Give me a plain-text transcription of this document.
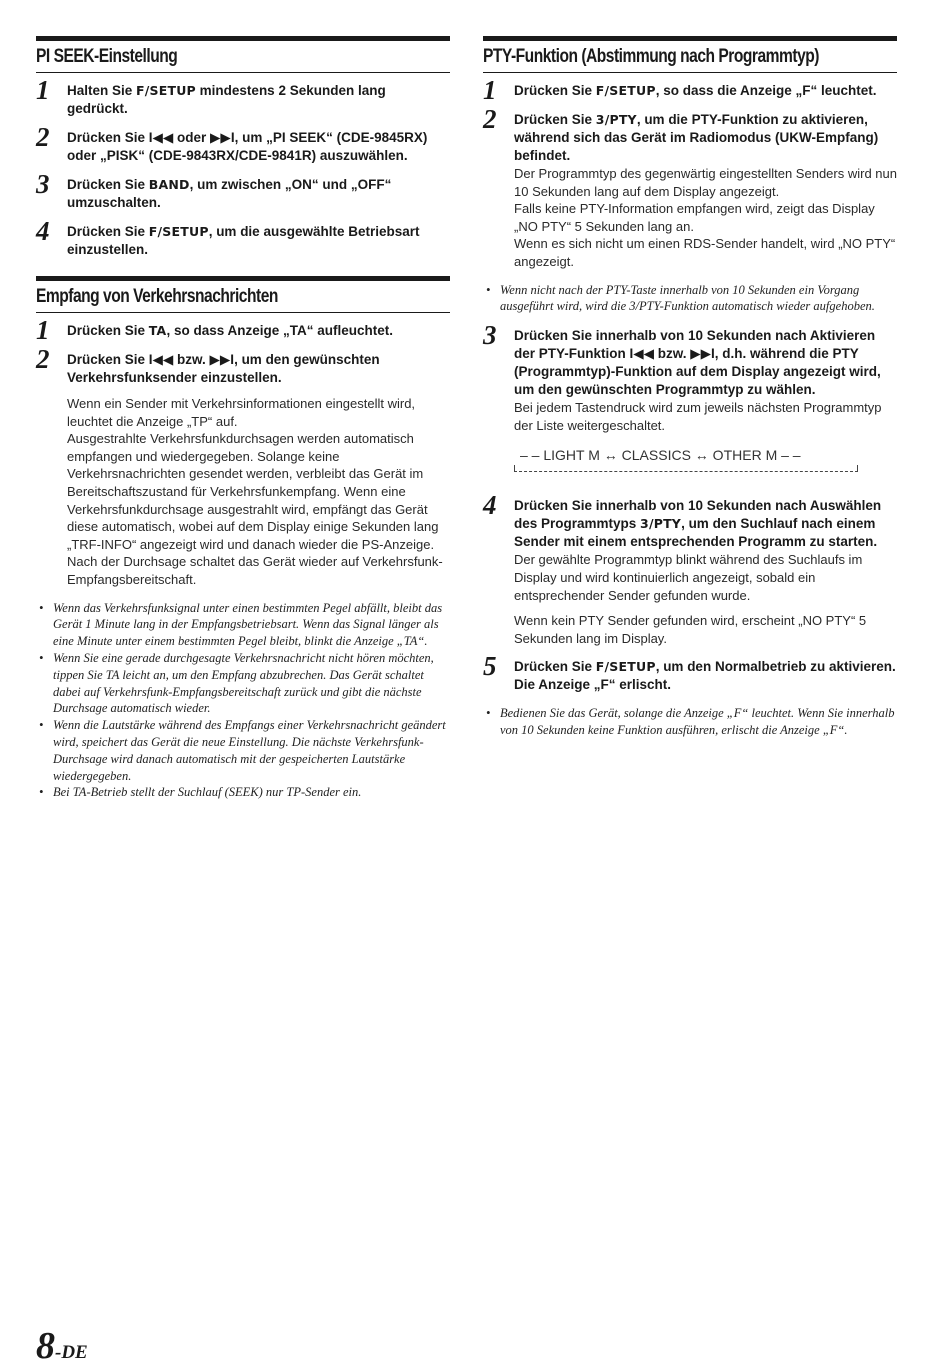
PI SEEK-Einstellung
1	Halten Sie F/SETUP mindestens 2 Sekunden lang gedrückt.
2	Drücken Sie I◀◀ oder ▶▶I, um „PI SEEK“ (CDE-9845RX) oder „PISK“ (CDE-9843RX/CDE-9841R) auszuwählen.
3	Drücken Sie BAND, um zwischen „ON“ und „OFF“ umzuschalten.
4	Drücken Sie F/SETUP, um die ausgewählte Betriebsart einzustellen.
Empfang von Verkehrsnachrichten
1	Drücken Sie TA, so dass Anzeige „TA“ aufleuchtet.
2	Drücken Sie I◀◀ bzw. ▶▶I, um den gewünschten Verkehrsfunksender einzustellen.
Wenn ein Sender mit Verkehrsinformationen eingestellt wird, leuchtet die Anzeige „TP“ auf.
Ausgestrahlte Verkehrsfunkdurchsagen werden automatisch empfangen und wiedergegeben. Solange keine Verkehrsnachrichten gesendet werden, verbleibt das Gerät im Bereitschaftszustand für Verkehrsfunkempfang. Wenn eine Verkehrsfunkdurchsage ausgestrahlt wird, empfängt das Gerät diese automatisch, wobei auf dem Display einige Sekunden lang „TRF-INFO“ angezeigt wird und danach wieder die PS-Anzeige.
Nach der Durchsage schaltet das Gerät wieder auf Verkehrsfunk-Empfangsbereitschaft.
• Wenn das Verkehrsfunksignal unter einen bestimmten Pegel abfällt, bleibt das Gerät 1 Minute lang in der Empfangsbetriebsart. Wenn das Signal länger als eine Minute unter einem bestimmten Pegel bleibt, blinkt die Anzeige „TA“.
• Wenn Sie eine gerade durchgesagte Verkehrsnachricht nicht hören möchten, tippen Sie TA leicht an, um den Empfang abzubrechen. Das Gerät schaltet dabei auf Verkehrsfunk-Empfangsbereitschaft zurück und gibt die nächste Durchsage automatisch wieder.
• Wenn die Lautstärke während des Empfangs einer Verkehrsnachricht geändert wird, speichert das Gerät die neue Einstellung. Die nächste Verkehrsfunk-Durchsage wird danach automatisch mit der gespeicherten Lautstärke wiedergegeben.
• Bei TA-Betrieb stellt der Suchlauf (SEEK) nur TP-Sender ein.
PTY-Funktion (Abstimmung nach Programmtyp)
1	Drücken Sie F/SETUP, so dass die Anzeige „F“ leuchtet.
2	Drücken Sie 3/PTY, um die PTY-Funktion zu aktivieren, während sich das Gerät im Radiomodus (UKW-Empfang) befindet.
Der Programmtyp des gegenwärtig eingestellten Senders wird nun 10 Sekunden lang auf dem Display angezeigt.
Falls keine PTY-Information empfangen wird, zeigt das Display „NO PTY“ 5 Sekunden lang an.
Wenn es sich nicht um einen RDS-Sender handelt, wird „NO PTY“ angezeigt.
• Wenn nicht nach der PTY-Taste innerhalb von 10 Sekunden ein Vorgang ausgeführt wird, wird die 3/PTY-Funktion automatisch wieder aufgehoben.
3	Drücken Sie innerhalb von 10 Sekunden nach Aktivieren der PTY-Funktion I◀◀ bzw. ▶▶I, d.h. während die PTY (Programmtyp)-Funktion auf dem Display angezeigt wird, um den gewünschten Programmtyp zu wählen.
Bei jedem Tastendruck wird zum jeweils nächsten Programmtyp der Liste weitergeschaltet.
– – LIGHT M ↔ CLASSICS ↔ OTHER M – –
4	Drücken Sie innerhalb von 10 Sekunden nach Auswählen des Programmtyps 3/PTY, um den Suchlauf nach einem Sender mit einem entsprechenden Programm zu starten.
Der gewählte Programmtyp blinkt während des Suchlaufs im Display und wird kontinuierlich angezeigt, sobald ein entsprechender Sender gefunden wurde.
Wenn kein PTY Sender gefunden wird, erscheint „NO PTY“ 5 Sekunden lang im Display.
5	Drücken Sie F/SETUP, um den Normalbetrieb zu aktivieren.
Die Anzeige „F“ erlischt.
• Bedienen Sie das Gerät, solange die Anzeige „F“ leuchtet. Wenn Sie innerhalb von 10 Sekunden keine Funktion ausführen, erlischt die Anzeige „F“.
8-DE
